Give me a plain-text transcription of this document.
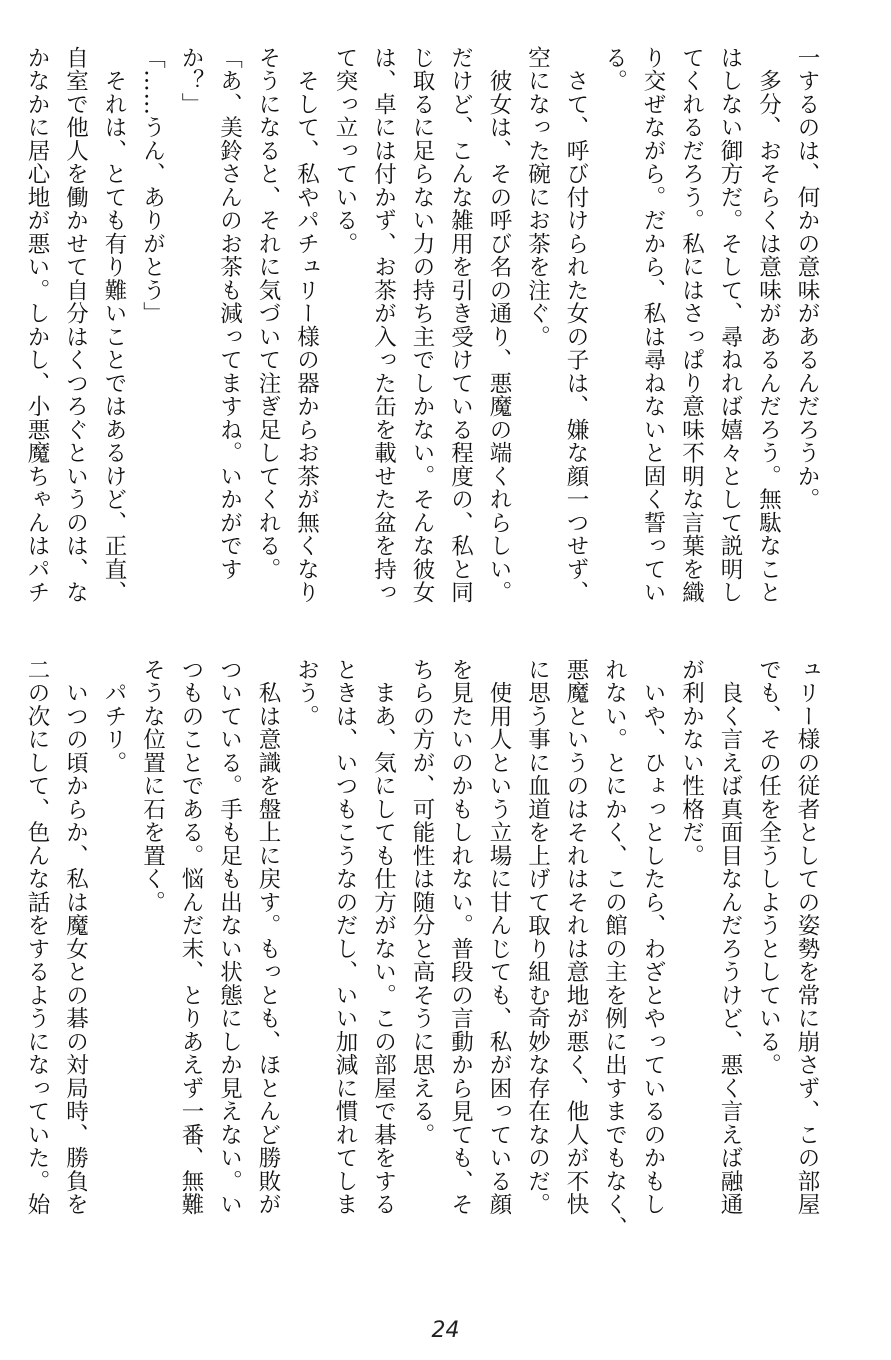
一するのは、何かの意味があるんだろうか。
　多分、おそらくは意味があるんだろう。無駄なこと
はしない御方だ。そして、尋ねれば嬉々として説明し
てくれるだろう。私にはさっぱり意味不明な言葉を織
り交ぜながら。だから、私は尋ねないと固く誓ってい
る。
　さて、呼び付けられた女の子は、嫌な顔一つせず、
空になった碗にお茶を注ぐ。
　彼女は、その呼び名の通り、悪魔の端くれらしい。
だけど、こんな雑用を引き受けている程度の、私と同
じ取るに足らない力の持ち主でしかない。そんな彼女
は、卓には付かず、お茶が入った缶を載せた盆を持っ
て突っ立っている。
　そして、私やパチュリー様の器からお茶が無くなり
そうになると、それに気づいて注ぎ足してくれる。
「あ、美鈴さんのお茶も減ってますね。いかがです
か？」
「……うん、ありがとう」
　それは、とても有り難いことではあるけど、正直、
自室で他人を働かせて自分はくつろぐというのは、な
かなかに居心地が悪い。しかし、小悪魔ちゃんはパチ
ュリー様の従者としての姿勢を常に崩さず、この部屋
でも、その任を全うしようとしている。
　良く言えば真面目なんだろうけど、悪く言えば融通
が利かない性格だ。
　いや、ひょっとしたら、わざとやっているのかもし
れない。とにかく、この館の主を例に出すまでもなく、
悪魔というのはそれはそれは意地が悪く、他人が不快
に思う事に血道を上げて取り組む奇妙な存在なのだ。
　使用人という立場に甘んじても、私が困っている顔
を見たいのかもしれない。普段の言動から見ても、そ
ちらの方が、可能性は随分と高そうに思える。
　まあ、気にしても仕方がない。この部屋で碁をする
ときは、いつもこうなのだし、いい加減に慣れてしま
おう。
　私は意識を盤上に戻す。もっとも、ほとんど勝敗が
ついている。手も足も出ない状態にしか見えない。い
つものことである。悩んだ末、とりあえず一番、無難
そうな位置に石を置く。
　パチリ。
　いつの頃からか、私は魔女との碁の対局時、勝負を
二の次にして、色んな話をするようになっていた。始
24
